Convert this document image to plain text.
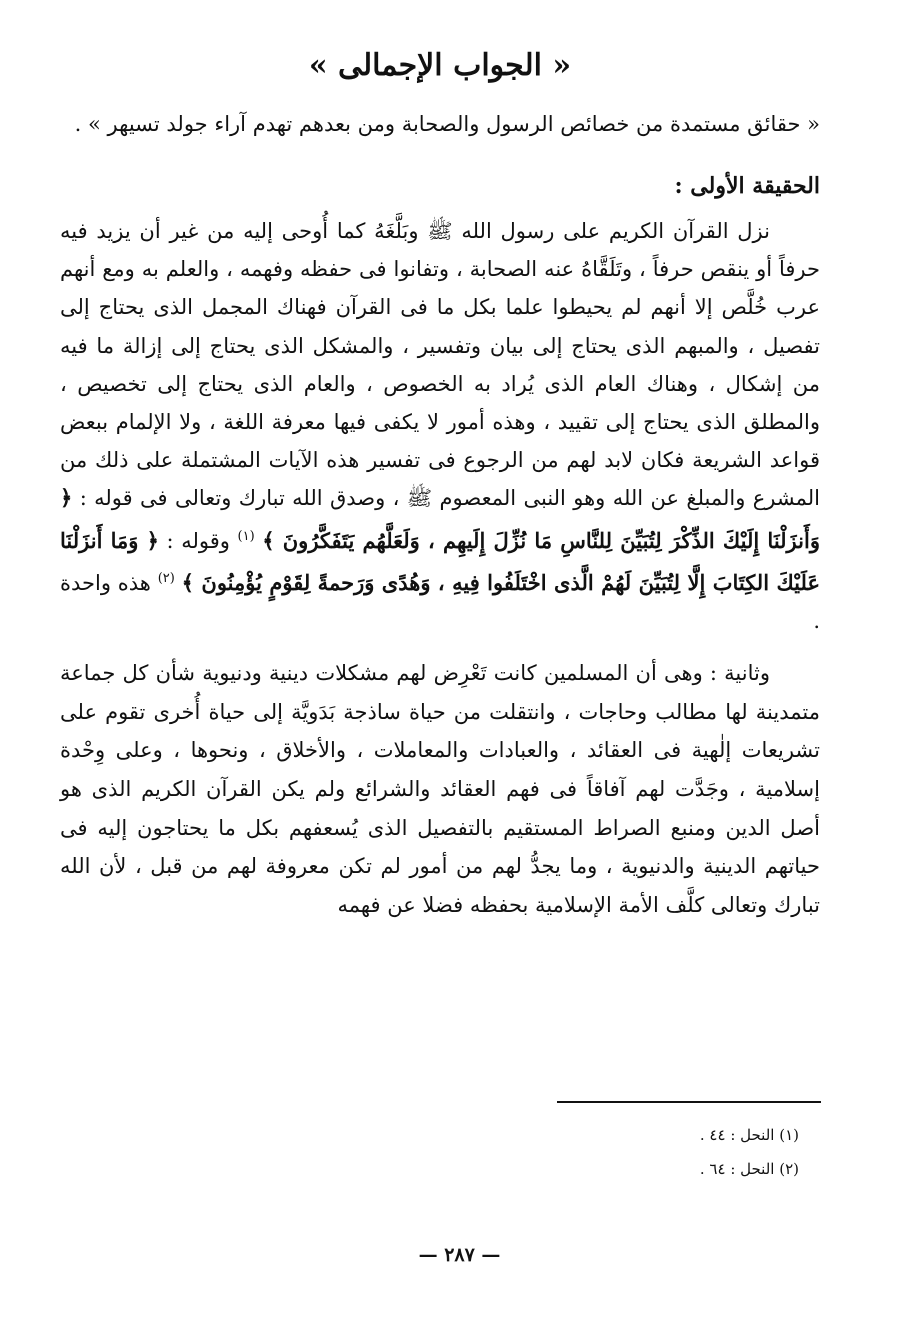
« الجواب الإجمالى »

« حقائق مستمدة من خصائص الرسول والصحابة ومن بعدهم تهدم آراء جولد تسيهر » .

الحقيقة الأولى :

نزل القرآن الكريم على رسول الله ﷺ وبَلَّغَهُ كما أُوحى إليه من غير أن يزيد فيه حرفاً أو ينقص حرفاً ، وتَلَقَّاهُ عنه الصحابة ، وتفانوا فى حفظه وفهمه ، والعلم به ومع أنهم عرب خُلَّص إلا أنهم لم يحيطوا علما بكل ما فى القرآن فهناك المجمل الذى يحتاج إلى تفصيل ، والمبهم الذى يحتاج إلى بيان وتفسير ، والمشكل الذى يحتاج إلى إزالة ما فيه من إشكال ، وهناك العام الذى يُراد به الخصوص ، والعام الذى يحتاج إلى تخصيص ، والمطلق الذى يحتاج إلى تقييد ، وهذه أمور لا يكفى فيها معرفة اللغة ، ولا الإلمام ببعض قواعد الشريعة فكان لابد لهم من الرجوع فى تفسير هذه الآيات المشتملة على ذلك من المشرع والمبلغ عن الله وهو النبى المعصوم ﷺ ، وصدق الله تبارك وتعالى فى قوله : ﴿ وَأَنزَلْنَا إِلَيْكَ الذِّكْرَ لِتُبَيِّنَ لِلنَّاسِ مَا نُزِّلَ إِلَيهِم ، وَلَعَلَّهُم يَتَفَكَّرُونَ ﴾ $^{(١)}$ وقوله : ﴿ وَمَا أَنزَلْنَا عَلَيْكَ الكِتَابَ إِلَّا لِتُبَيِّنَ لَهُمْ الَّذى اخْتَلَفُوا فِيهِ ، وَهُدًى وَرَحمةً لِقَوْمٍ يُؤْمِنُونَ ﴾ $^{(٢)}$ هذه واحدة .

وثانية : وهى أن المسلمين كانت تَعْرِض لهم مشكلات دينية ودنيوية شأن كل جماعة متمدينة لها مطالب وحاجات ، وانتقلت من حياة ساذجة بَدَويَّة إلى حياة أُخرى تقوم على تشريعات إلٰهية فى العقائد ، والعبادات والمعاملات ، والأخلاق ، ونحوها ، وعلى وِحْدة إسلامية ، وجَدَّت لهم آفاقاً فى فهم العقائد والشرائع ولم يكن القرآن الكريم الذى هو أصل الدين ومنبع الصراط المستقيم بالتفصيل الذى يُسعفهم بكل ما يحتاجون إليه فى حياتهم الدينية والدنيوية ، وما يجدُّ لهم من أمور لم تكن معروفة لهم من قبل ، لأن الله تبارك وتعالى كلَّف الأمة الإسلامية بحفظه فضلا عن فهمه

(١) النحل : ٤٤ .
(٢) النحل : ٦٤ .
— ٢٨٧ —
